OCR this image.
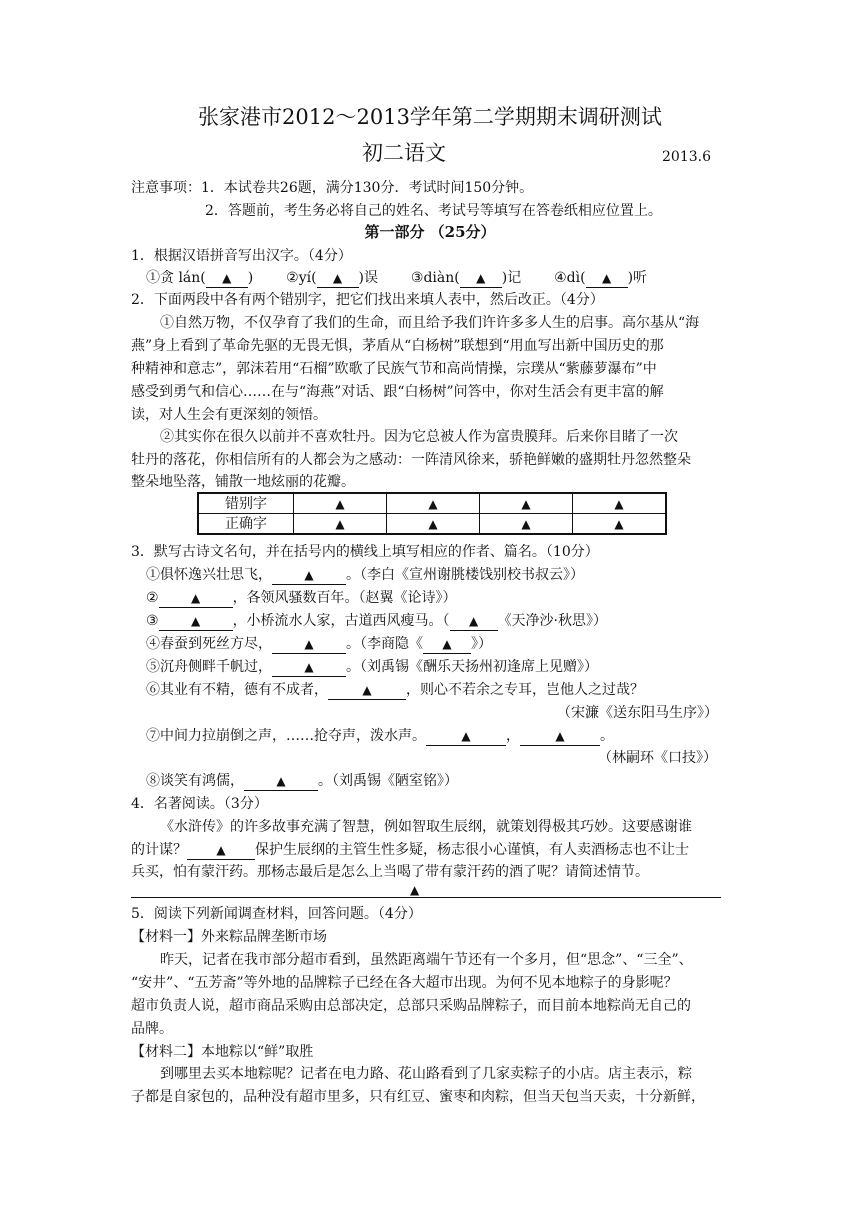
张家港市2012～2013学年第二学期期末调研测试
初二语文	2013.6
注意事项：1．本试卷共26题，满分130分．考试时间150分钟。
2．答题前，考生务必将自己的姓名、考试号等填写在答卷纸相应位置上。
第一部分 （25分）
1．根据汉语拼音写出汉字。（4分）
①贪 lán( ▲ ) ②yí( ▲ )误 ③diàn( ▲ )记 ④dì( ▲ )听
2．下面两段中各有两个错别字，把它们找出来填人表中，然后改正。（4分）
①自然万物，不仅孕育了我们的生命，而且给予我们许许多多人生的启事。高尔基从“海
燕”身上看到了革命先驱的无畏无惧，茅盾从“白杨树”联想到“用血写出新中国历史的那
种精神和意志”，郭沫若用“石榴”欧歌了民族气节和高尚情操，宗璞从“紫藤萝瀑布”中
感受到勇气和信心……在与“海燕”对话、跟“白杨树”问答中，你对生活会有更丰富的解
读，对人生会有更深刻的领悟。
②其实你在很久以前并不喜欢牡丹。因为它总被人作为富贵膜拜。后来你目睹了一次
牡丹的落花，你相信所有的人都会为之感动：一阵清风徐来，骄艳鲜嫩的盛期牡丹忽然整朵
整朵地坠落，铺散一地炫丽的花瓣。
错别字	▲	▲	▲	▲
正确字	▲	▲	▲	▲
3．默写古诗文名句，并在括号内的横线上填写相应的作者、篇名。（10分）
①俱怀逸兴壮思飞，	▲ 。（李白《宣州谢朓楼饯别校书叔云》）
②	▲ ，各领风骚数百年。（赵翼《论诗》）
③	▲ ，小桥流水人家，古道西风瘦马。（ ▲ 《天净沙·秋思》）
④春蚕到死丝方尽，	▲ 。（李商隐《 ▲ 》）
⑤沉舟侧畔千帆过，	▲ 。（刘禹锡《酬乐天扬州初逢席上见赠》）
⑥其业有不精，德有不成者，	▲ ，则心不若余之专耳，岂他人之过哉？
（宋濂《送东阳马生序》）
⑦中间力拉崩倒之声，……抢夺声，泼水声。	▲	，	▲	。
（林嗣环《口技》）
⑧谈笑有鸿儒，	▲ 。（刘禹锡《陋室铭》）
4．名著阅读。（3分）
《水浒传》的许多故事充满了智慧，例如智取生辰纲，就策划得极其巧妙。这要感谢谁
的计谋？ ▲ 保护生辰纲的主管生性多疑，杨志很小心谨慎，有人卖酒杨志也不让士
兵买，怕有蒙汗药。那杨志最后是怎么上当喝了带有蒙汗药的酒了呢？请简述情节。
▲
5．阅读下列新闻调查材料，回答问题。（4分）
【材料一】外来粽品牌垄断市场
昨天，记者在我市部分超市看到，虽然距离端午节还有一个多月，但“思念”、“三全”、
“安井”、“五芳斋”等外地的品牌粽子已经在各大超市出现。为何不见本地粽子的身影呢？
超市负责人说，超市商品采购由总部决定，总部只采购品牌粽子，而目前本地粽尚无自己的
品牌。
【材料二】本地粽以“鲜”取胜
到哪里去买本地粽呢？记者在电力路、花山路看到了几家卖粽子的小店。店主表示，粽
子都是自家包的，品种没有超市里多，只有红豆、蜜枣和肉粽，但当天包当天卖，十分新鲜，
